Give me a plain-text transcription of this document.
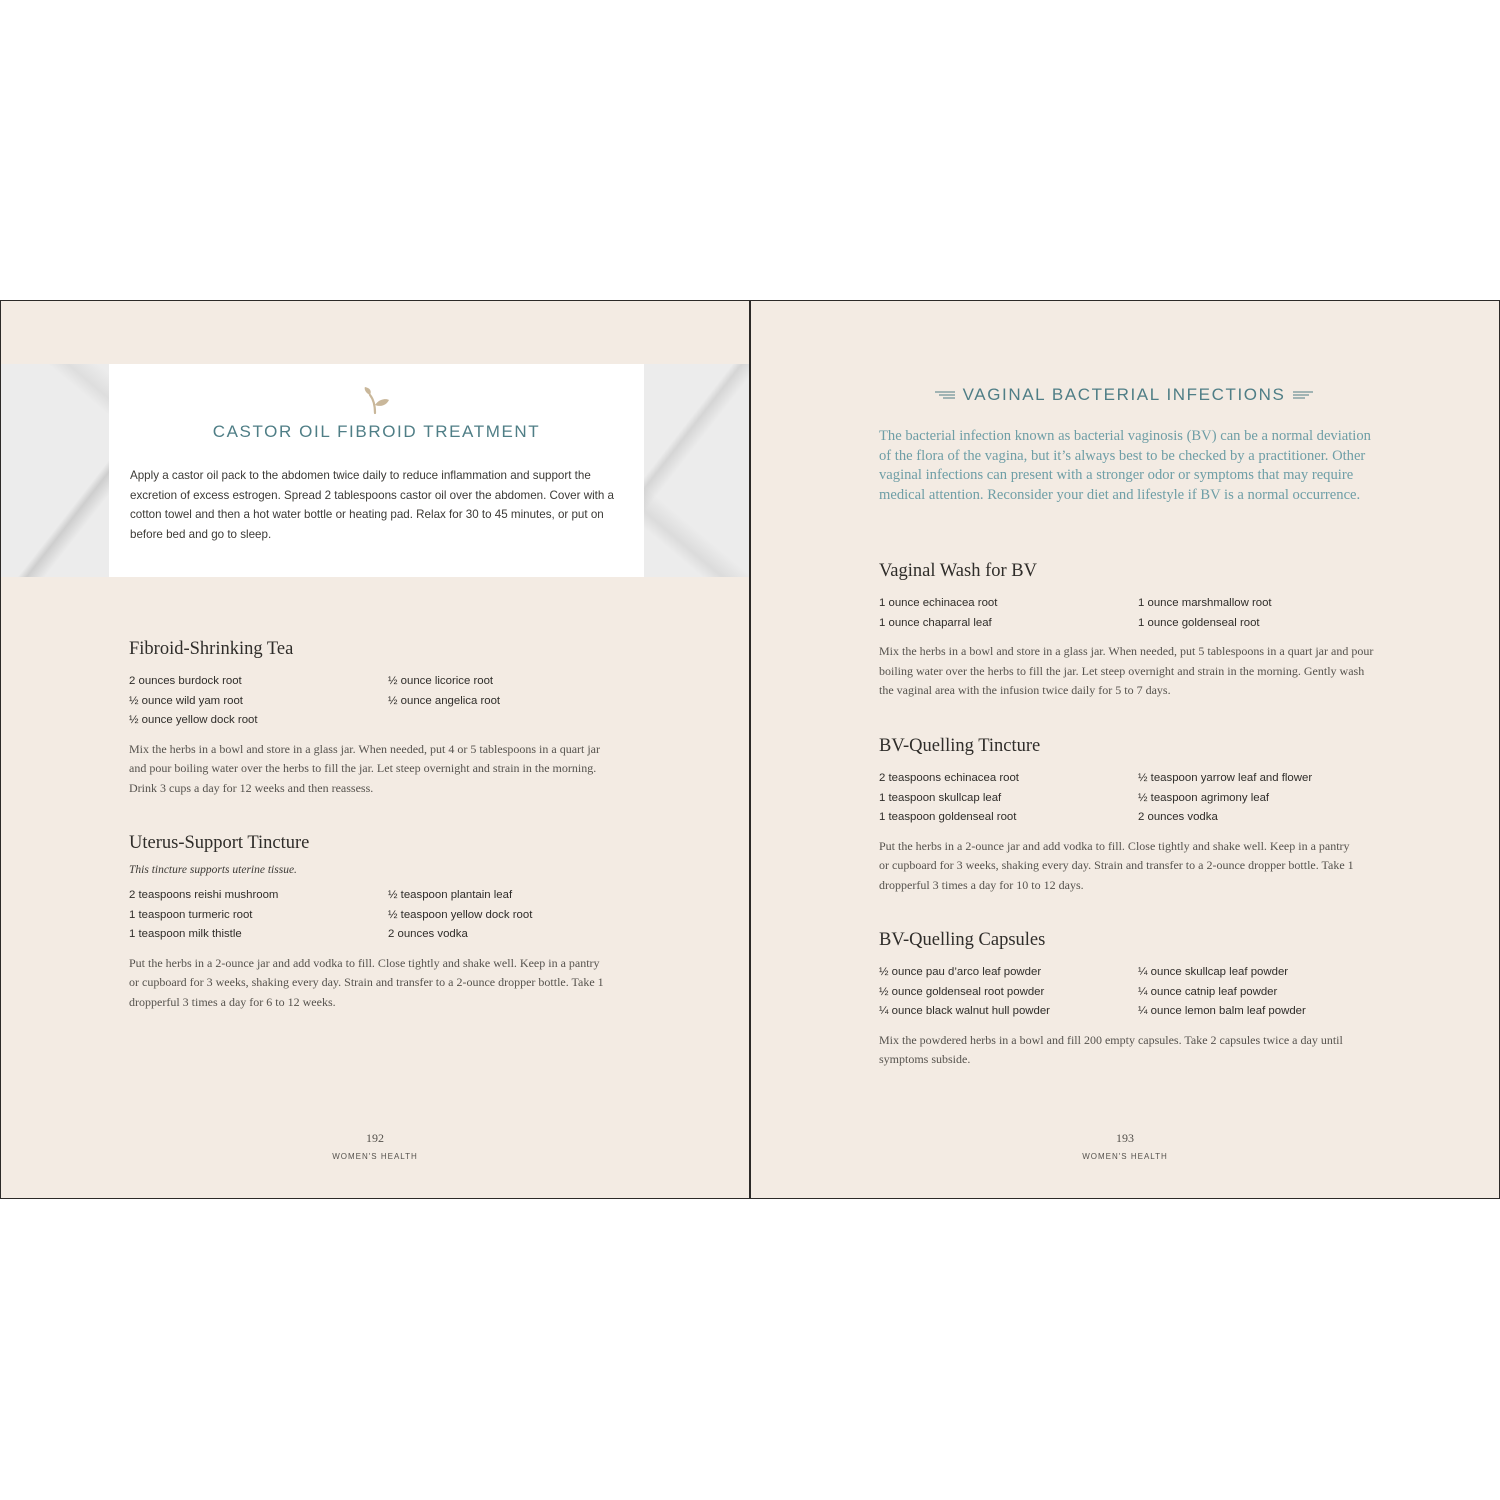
CASTOR OIL FIBROID TREATMENT
Apply a castor oil pack to the abdomen twice daily to reduce inflammation and support the excretion of excess estrogen. Spread 2 tablespoons castor oil over the abdomen. Cover with a cotton towel and then a hot water bottle or heating pad. Relax for 30 to 45 minutes, or put on before bed and go to sleep.
Fibroid-Shrinking Tea
2 ounces burdock root
½ ounce wild yam root
½ ounce yellow dock root
½ ounce licorice root
½ ounce angelica root
Mix the herbs in a bowl and store in a glass jar. When needed, put 4 or 5 tablespoons in a quart jar and pour boiling water over the herbs to fill the jar. Let steep overnight and strain in the morning. Drink 3 cups a day for 12 weeks and then reassess.
Uterus-Support Tincture
This tincture supports uterine tissue.
2 teaspoons reishi mushroom
1 teaspoon turmeric root
1 teaspoon milk thistle
½ teaspoon plantain leaf
½ teaspoon yellow dock root
2 ounces vodka
Put the herbs in a 2-ounce jar and add vodka to fill. Close tightly and shake well. Keep in a pantry or cupboard for 3 weeks, shaking every day. Strain and transfer to a 2-ounce dropper bottle. Take 1 dropperful 3 times a day for 6 to 12 weeks.
192
WOMEN'S HEALTH
VAGINAL BACTERIAL INFECTIONS
The bacterial infection known as bacterial vaginosis (BV) can be a normal deviation of the flora of the vagina, but it’s always best to be checked by a practitioner. Other vaginal infections can present with a stronger odor or symptoms that may require medical attention. Reconsider your diet and lifestyle if BV is a normal occurrence.
Vaginal Wash for BV
1 ounce echinacea root
1 ounce chaparral leaf
1 ounce marshmallow root
1 ounce goldenseal root
Mix the herbs in a bowl and store in a glass jar. When needed, put 5 tablespoons in a quart jar and pour boiling water over the herbs to fill the jar. Let steep overnight and strain in the morning. Gently wash the vaginal area with the infusion twice daily for 5 to 7 days.
BV-Quelling Tincture
2 teaspoons echinacea root
1 teaspoon skullcap leaf
1 teaspoon goldenseal root
½ teaspoon yarrow leaf and flower
½ teaspoon agrimony leaf
2 ounces vodka
Put the herbs in a 2-ounce jar and add vodka to fill. Close tightly and shake well. Keep in a pantry or cupboard for 3 weeks, shaking every day. Strain and transfer to a 2-ounce dropper bottle. Take 1 dropperful 3 times a day for 10 to 12 days.
BV-Quelling Capsules
½ ounce pau d’arco leaf powder
½ ounce goldenseal root powder
¼ ounce black walnut hull powder
¼ ounce skullcap leaf powder
¼ ounce catnip leaf powder
¼ ounce lemon balm leaf powder
Mix the powdered herbs in a bowl and fill 200 empty capsules. Take 2 capsules twice a day until symptoms subside.
193
WOMEN'S HEALTH
